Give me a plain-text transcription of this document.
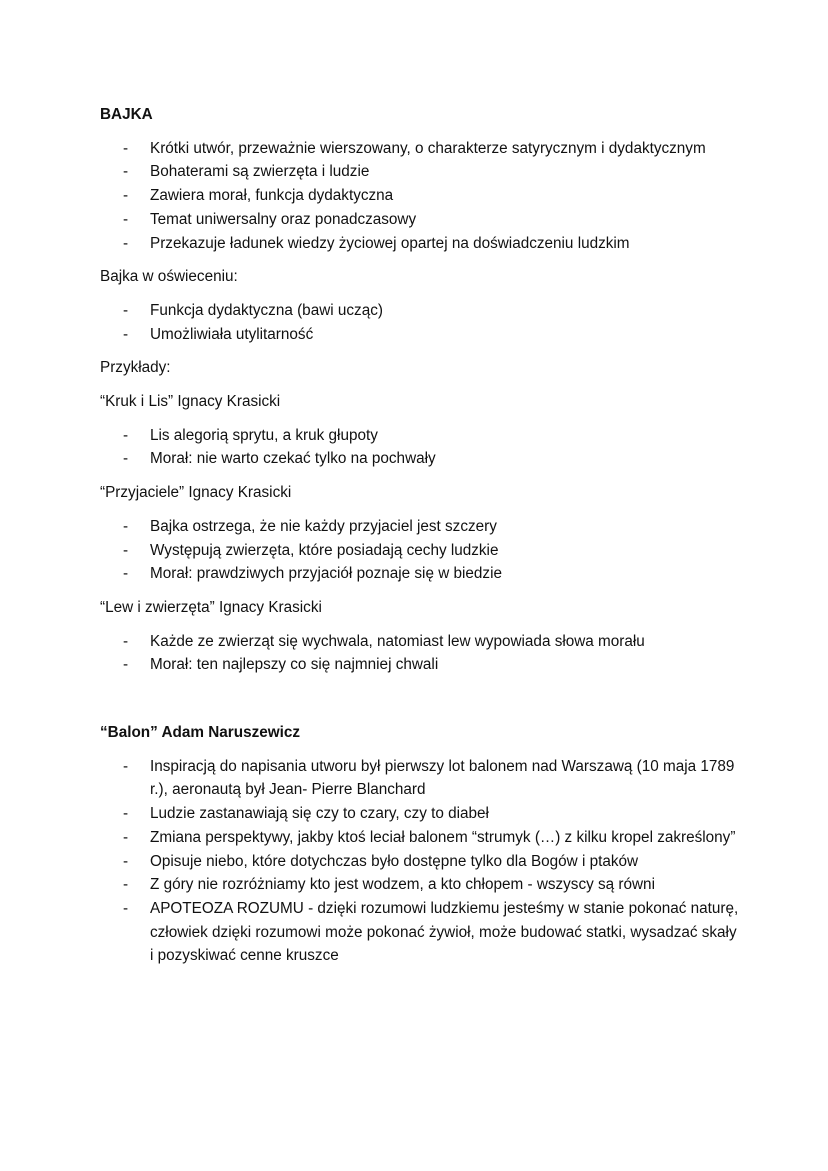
BAJKA
- Krótki utwór, przeważnie wierszowany, o charakterze satyrycznym i dydaktycznym
- Bohaterami są zwierzęta i ludzie
- Zawiera morał, funkcja dydaktyczna
- Temat uniwersalny oraz ponadczasowy
- Przekazuje ładunek wiedzy życiowej opartej na doświadczeniu ludzkim
Bajka w oświeceniu:
- Funkcja dydaktyczna (bawi ucząc)
- Umożliwiała utylitarność
Przykłady:
“Kruk i Lis” Ignacy Krasicki
- Lis alegorią sprytu, a kruk głupoty
- Morał: nie warto czekać tylko na pochwały
“Przyjaciele” Ignacy Krasicki
- Bajka ostrzega, że nie każdy przyjaciel jest szczery
- Występują zwierzęta, które posiadają cechy ludzkie
- Morał: prawdziwych przyjaciół poznaje się w biedzie
“Lew i zwierzęta” Ignacy Krasicki
- Każde ze zwierząt się wychwala, natomiast lew wypowiada słowa morału
- Morał: ten najlepszy co się najmniej chwali
“Balon” Adam Naruszewicz
- Inspiracją do napisania utworu był pierwszy lot balonem nad Warszawą (10 maja 1789 r.), aeronautą był Jean- Pierre Blanchard
- Ludzie zastanawiają się czy to czary, czy to diabeł
- Zmiana perspektywy, jakby ktoś leciał balonem “strumyk (…) z kilku kropel zakreślony”
- Opisuje niebo, które dotychczas było dostępne tylko dla Bogów i ptaków
- Z góry nie rozróżniamy kto jest wodzem, a kto chłopem - wszyscy są równi
- APOTEOZA ROZUMU - dzięki rozumowi ludzkiemu jesteśmy w stanie pokonać naturę, człowiek dzięki rozumowi może pokonać żywioł, może budować statki, wysadzać skały i pozyskiwać cenne kruszce
